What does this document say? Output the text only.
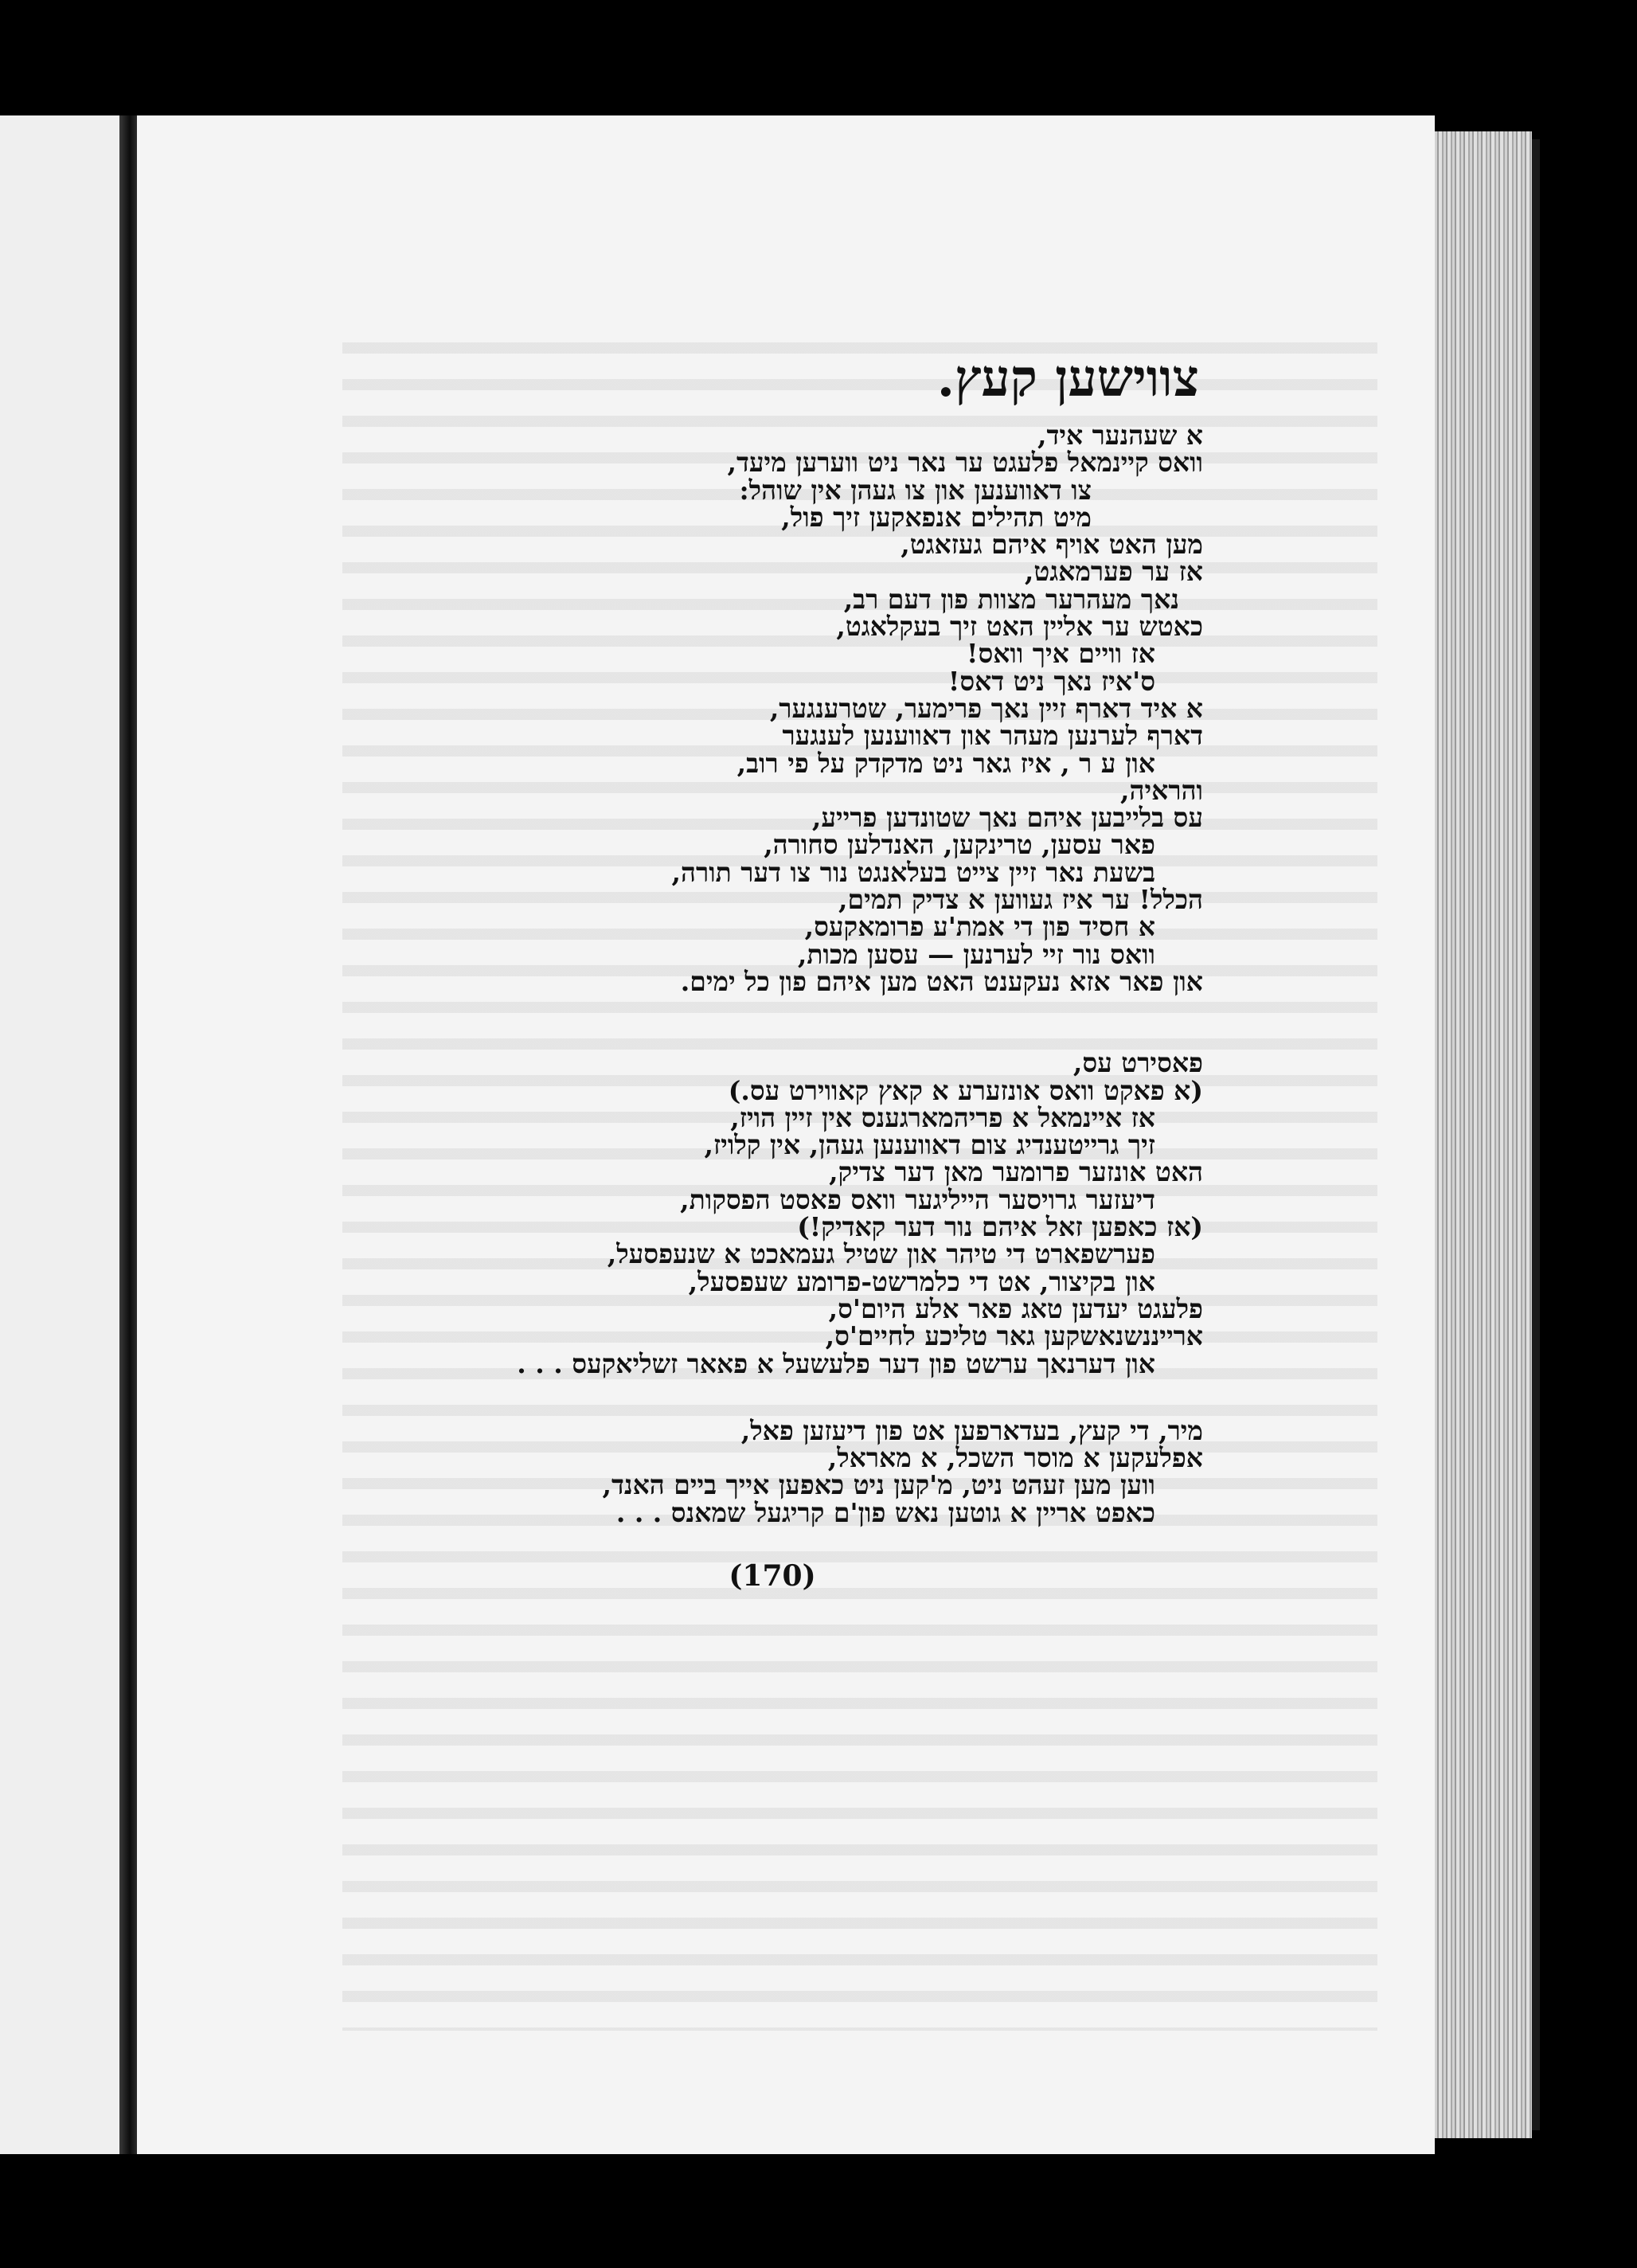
צווישען קעץ.
א שעהנער איד,
וואס קיינמאל פלעגט ער נאר ניט ווערען מיעד,
צו דאווענען און צו געהן אין שוהל:
מיט תהילים אנפאקען זיך פול,
מען האט אויף איהם געזאגט,
אז ער פערמאגט,
נאך מעהרער מצוות פון דעם רב,
כאטש ער אליין האט זיך בעקלאגט,
אז וויים איך וואס!
ס'איז נאך ניט דאס!
א איד דארף זיין נאך פרימער, שטרענגער,
דארף לערנען מעהר און דאווענען לענגער
און ע ר , איז גאר ניט מדקדק על פי רוב,
והראיה,
עס בלייבען איהם נאך שטונדען פרייע,
פאר עסען, טרינקען, האנדלען סחורה,
בשעת נאר זיין צייט בעלאנגט נור צו דער תורה,
הכלל! ער איז געווען א צדיק תמים,
א חסיד פון די אמת'ע פרומאקעס,
וואס נור זיי לערנען — עסען מכות,
און פאר אזא נעקענט האט מען איהם פון כל ימים.
פאסירט עס,
(א פאקט וואס אונזערע א קאץ קאווירט עס.)
אז איינמאל א פריהמארגענס אין זיין הויז,
זיך גרייטענדיג צום דאווענען געהן, אין קלויז,
האט אונזער פרומער מאן דער צדיק,
דיעזער גרויסער הייליגער וואס פאסט הפסקות,
(אז כאפען זאל איהם נור דער קאדיק!)
פערשפארט די טיהר און שטיל געמאכט א שנעפסעל,
און בקיצור, אט די כלמרשט-פרומע שעפסעל,
פלעגט יעדען טאג פאר אלע היום'ס,
ארייננשנאשקען גאר טליכע לחיים'ס,
און דערנאך ערשט פון דער פלעשעל א פאאר זשליאקעס . . .
מיר, די קעץ, בעדארפען אט פון דיעזען פאל,
אפלעקען א מוסר השכל, א מאראל,
ווען מען זעהט ניט, מ'קען ניט כאפען אייך ביים האנד,
כאפט אריין א גוטען נאש פון'ם קריגעל שמאנס . . .
(170)
